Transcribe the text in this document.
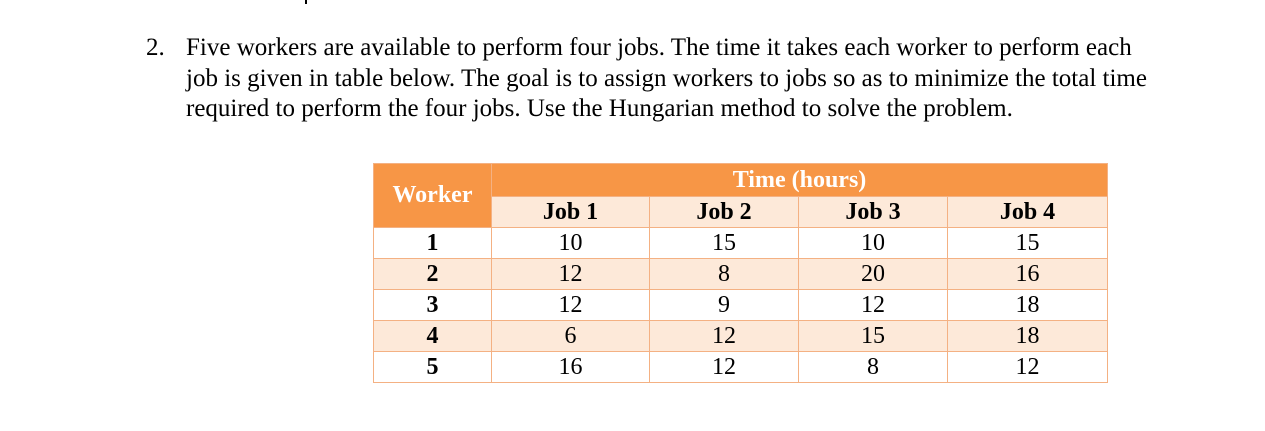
2. Five workers are available to perform four jobs. The time it takes each worker to perform each
job is given in table below. The goal is to assign workers to jobs so as to minimize the total time
required to perform the four jobs. Use the Hungarian method to solve the problem.
Worker	Time (hours)			
	Job 1	Job 2	Job 3	Job 4
1	10	15	10	15
2	12	8	20	16
3	12	9	12	18
4	6	12	15	18
5	16	12	8	12
